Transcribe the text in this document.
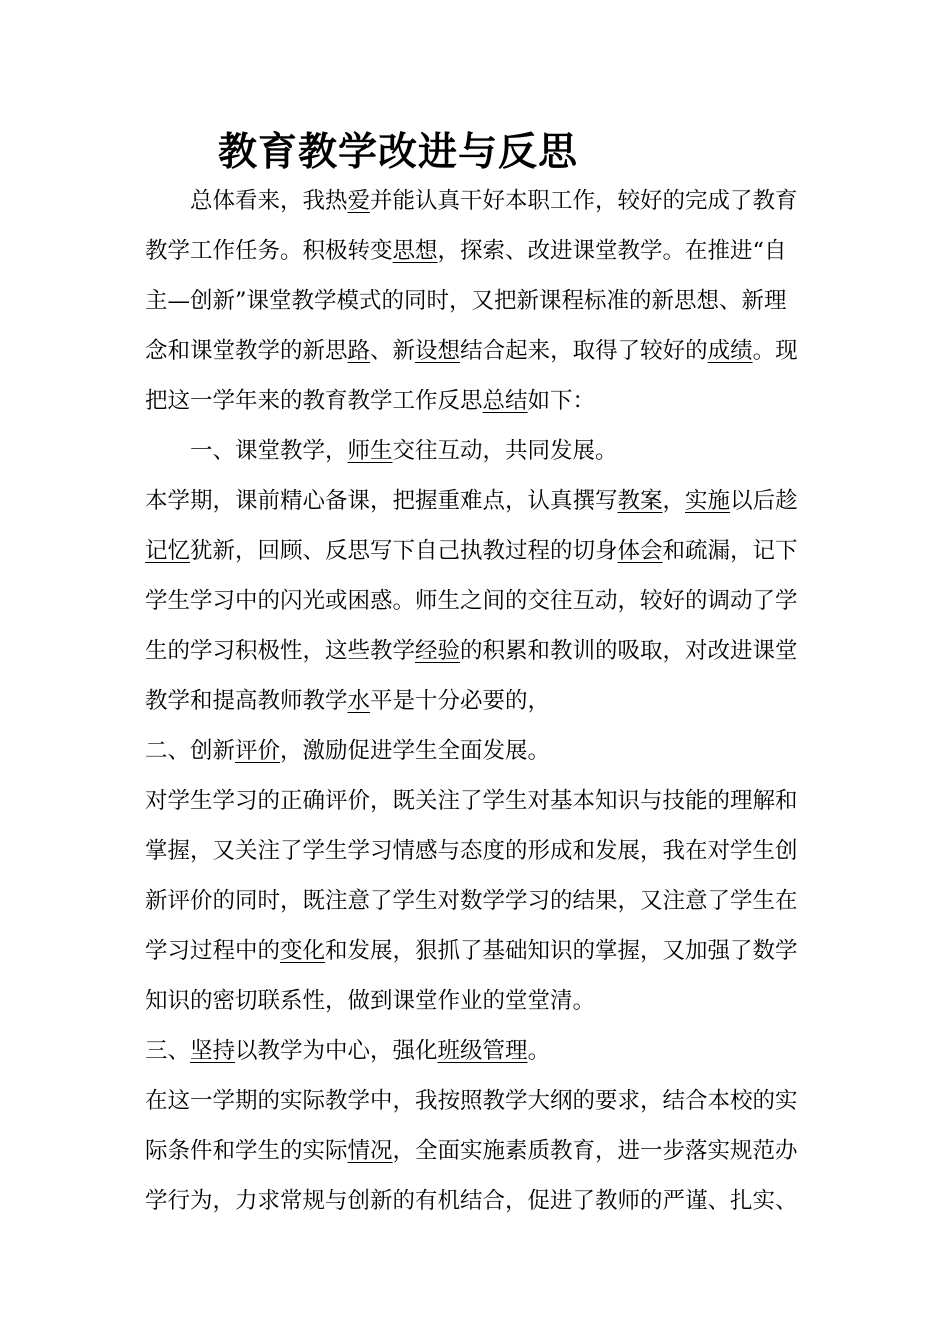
教育教学改进与反思

总体看来，我热爱并能认真干好本职工作，较好的完成了教育

教学工作任务。积极转变思想，探索、改进课堂教学。在推进“自

主—创新”课堂教学模式的同时，又把新课程标准的新思想、新理

念和课堂教学的新思路、新设想结合起来，取得了较好的成绩。现

把这一学年来的教育教学工作反思总结如下：

一、课堂教学，师生交往互动，共同发展。

本学期，课前精心备课，把握重难点，认真撰写教案，实施以后趁

记忆犹新，回顾、反思写下自己执教过程的切身体会和疏漏，记下

学生学习中的闪光或困惑。师生之间的交往互动，较好的调动了学

生的学习积极性，这些教学经验的积累和教训的吸取，对改进课堂

教学和提高教师教学水平是十分必要的，

二、创新评价，激励促进学生全面发展。

对学生学习的正确评价，既关注了学生对基本知识与技能的理解和

掌握，又关注了学生学习情感与态度的形成和发展，我在对学生创

新评价的同时，既注意了学生对数学学习的结果，又注意了学生在

学习过程中的变化和发展，狠抓了基础知识的掌握，又加强了数学

知识的密切联系性，做到课堂作业的堂堂清。

三、坚持以教学为中心，强化班级管理。

在这一学期的实际教学中，我按照教学大纲的要求，结合本校的实

际条件和学生的实际情况，全面实施素质教育，进一步落实规范办

学行为，力求常规与创新的有机结合，促进了教师的严谨、扎实、
